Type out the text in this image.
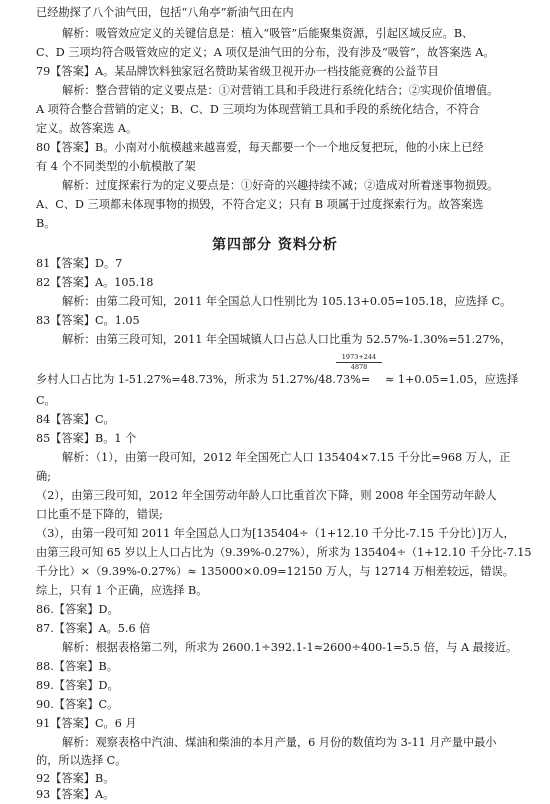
已经勘探了八个油气田，包括“八角亭”新油气田在内
解析：吸管效应定义的关键信息是：植入“吸管”后能聚集资源，引起区域反应。B、
C、D 三项均符合吸管效应的定义；A 项仅是油气田的分布，没有涉及“吸管”，故答案选 A。
79【答案】A。某品牌饮料独家冠名赞助某省级卫视开办一档技能竞赛的公益节目
解析：整合营销的定义要点是：①对营销工具和手段进行系统化结合；②实现价值增值。
A 项符合整合营销的定义；B、C、D 三项均为体现营销工具和手段的系统化结合，不符合
定义。故答案选 A。
80【答案】B。小南对小航模越来越喜爱，每天都要一个一个地反复把玩，他的小床上已经
有 4 个不同类型的小航模散了架
解析：过度探索行为的定义要点是：①好奇的兴趣持续不减；②造成对所着迷事物损毁。
A、C、D 三项都未体现事物的损毁，不符合定义；只有 B 项属于过度探索行为。故答案选
B。
第四部分 资料分析
81【答案】D。7
82【答案】A。105.18
解析：由第二段可知，2011 年全国总人口性别比为 105.13+0.05=105.18，应选择 C。
83【答案】C。1.05
解析：由第三段可知，2011 年全国城镇人口占总人口比重为 52.57%-1.30%=51.27%，
1973+244
4878
乡村人口占比为 1-51.27%=48.73%，所求为 51.27%/48.73%= ≈ 1+0.05=1.05，应选择
C。
84【答案】C。
85【答案】B。1 个
解析：（1），由第一段可知，2012 年全国死亡人口 135404×7.15 千分比=968 万人，正
确;
（2），由第三段可知，2012 年全国劳动年龄人口比重首次下降，则 2008 年全国劳动年龄人
口比重不是下降的，错误;
（3），由第一段可知 2011 年全国总人口为[135404÷（1+12.10 千分比-7.15 千分比）]万人，
由第三段可知 65 岁以上人口占比为（9.39%-0.27%），所求为 135404÷（1+12.10 千分比-7.15
千分比）×（9.39%-0.27%）≈ 135000×0.09=12150 万人，与 12714 万相差较远，错误。
综上，只有 1 个正确，应选择 B。
86.【答案】D。
87.【答案】A。5.6 倍
解析：根据表格第二列，所求为 2600.1÷392.1-1≈2600÷400-1=5.5 倍，与 A 最接近。
88.【答案】B。
89.【答案】D。
90.【答案】C。
91【答案】C。6 月
解析：观察表格中汽油、煤油和柴油的本月产量，6 月份的数值均为 3-11 月产量中最小
的，所以选择 C。
92【答案】B。
93【答案】A。
